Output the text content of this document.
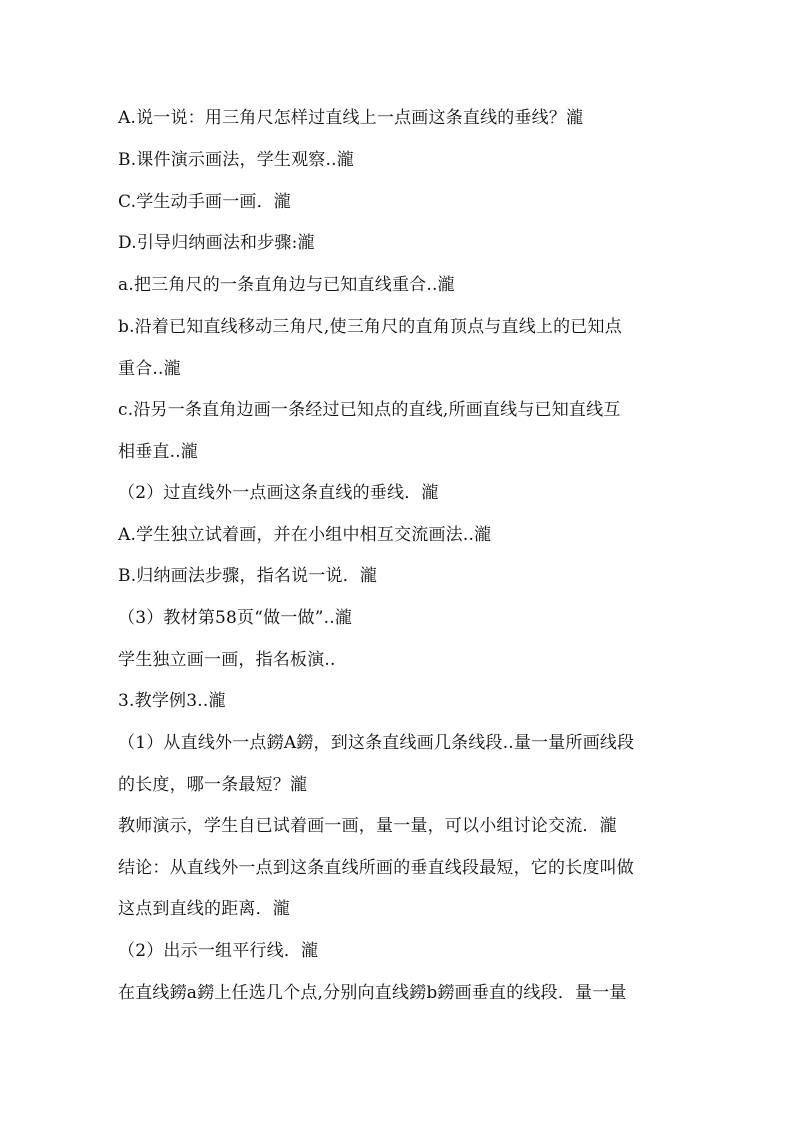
A.说一说：用三角尺怎样过直线上一点画这条直线的垂线？瀧
B.课件演示画法，学生观察..瀧
C.学生动手画一画．瀧
D.引导归纳画法和步骤:瀧
a.把三角尺的一条直角边与已知直线重合..瀧
b.沿着已知直线移动三角尺,使三角尺的直角顶点与直线上的已知点
重合..瀧
c.沿另一条直角边画一条经过已知点的直线,所画直线与已知直线互
相垂直..瀧
（2）过直线外一点画这条直线的垂线．瀧
A.学生独立试着画，并在小组中相互交流画法..瀧
B.归纳画法步骤，指名说一说．瀧
（3）教材第58页“做一做”..瀧
学生独立画一画，指名板演..
3.教学例3..瀧
（1）从直线外一点鐒A鐒，到这条直线画几条线段..量一量所画线段
的长度，哪一条最短？瀧
教师演示，学生自已试着画一画，量一量，可以小组讨论交流．瀧
结论：从直线外一点到这条直线所画的垂直线段最短，它的长度叫做
这点到直线的距离．瀧
（2）出示一组平行线．瀧
在直线鐒a鐒上任选几个点,分别向直线鐒b鐒画垂直的线段．量一量
